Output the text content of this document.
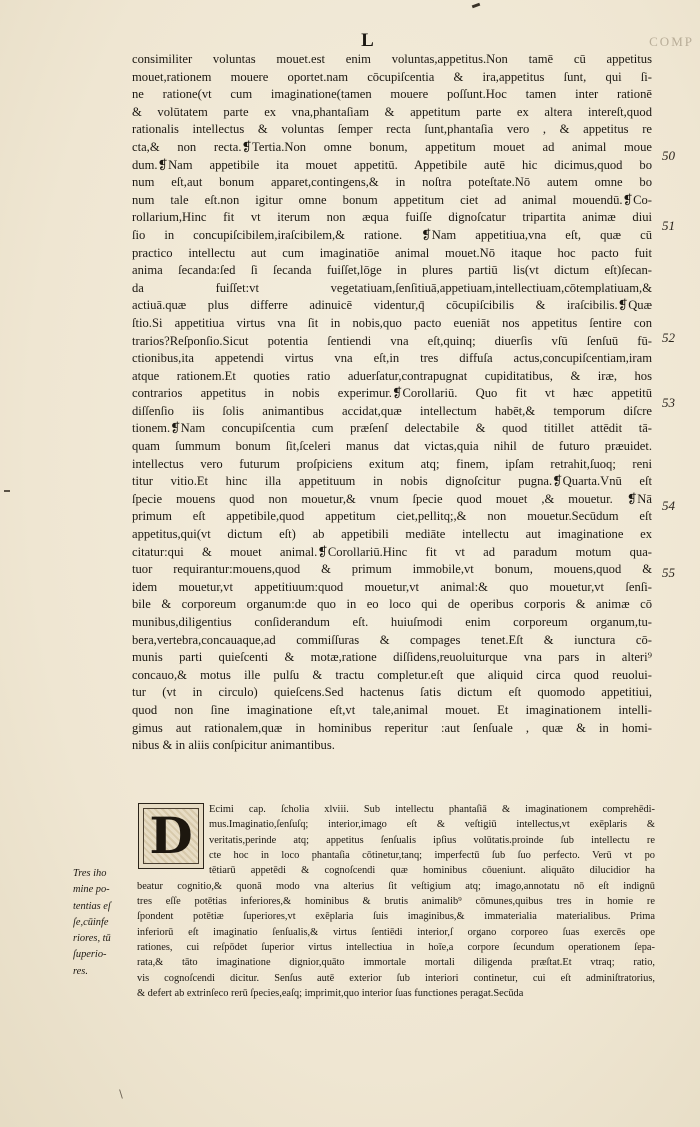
L	COMP
consimiliter voluntas mouet.est enim voluntas,appetitus.Non tamē cū appetitus
mouet,rationem mouere oportet.nam cōcupiſcentia & ira,appetitus ſunt, qui ſi-
ne ratione(vt cum imaginatione(tamen mouere poſſunt.Hoc tamen inter rationē
& volūtatem parte ex vna,phantaſiam & appetitum parte ex altera intereſt,quod
rationalis intellectus & voluntas ſemper recta ſunt,phantaſia vero , & appetitus re
cta,& non recta.❡Tertia.Non omne bonum, appetitum mouet ad animal moue
dum.❡Nam appetibile ita mouet appetitū. Appetibile autē hic dicimus,quod bo
num eſt,aut bonum apparet,contingens,& in noſtra poteſtate.Nō autem omne bo
num tale eſt.non igitur omne bonum appetitum ciet ad animal mouendū.❡Co-
rollarium,Hinc fit vt iterum non æqua fuiſſe dignoſcatur tripartita animæ diui
ſio in concupiſcibilem,iraſcibilem,& ratione. ❡Nam appetitiua,vna eſt, quæ cū
practico intellectu aut cum imaginatiōe animal mouet.Nō itaque hoc pacto fuit
anima ſecanda:ſed ſi ſecanda fuiſſet,lōge in plures partiū lis(vt dictum eſt)ſecan-
da fuiſſet:vt vegetatiuam,ſenſitiuā,appetiuam,intellectiuam,cōtemplatiuam,&
actiuā.quæ plus differre adinuicē videntur,q̄ cōcupiſcibilis & iraſcibilis.❡Quæ
ſtio.Si appetitiua virtus vna ſit in nobis,quo pacto eueniāt nos appetitus ſentire con
trarios?Reſponſio.Sicut potentia ſentiendi vna eſt,quinq; diuerſis vſū ſenſuū fū-
ctionibus,ita appetendi virtus vna eſt,in tres diffuſa actus,concupiſcentiam,iram
atque rationem.Et quoties ratio aduerſatur,contrapugnat cupiditatibus, & iræ, hos
contrarios appetitus in nobis experimur.❡Corollariū. Quo fit vt hæc appetitū
diſſenſio iis ſolis animantibus accidat,quæ intellectum habēt,& temporum diſcre
tionem.❡Nam concupiſcentia cum præſenſ delectabile & quod titillet attēdit tā-
quam ſummum bonum ſit,ſceleri manus dat victas,quia nihil de futuro præuidet.
intellectus vero futurum proſpiciens exitum atq; finem, ipſam retrahit,ſuoq; reni
titur vitio.Et hinc illa appetituum in nobis dignoſcitur pugna.❡Quarta.Vnū eſt
ſpecie mouens quod non mouetur,& vnum ſpecie quod mouet ,& mouetur. ❡Nā
primum eſt appetibile,quod appetitum ciet,pellitq;,& non mouetur.Secūdum eſt
appetitus,qui(vt dictum eſt) ab appetibili mediāte intellectu aut imaginatione ex
citatur:qui & mouet animal.❡Corollariū.Hinc fit vt ad paradum motum qua-
tuor requirantur:mouens,quod & primum immobile,vt bonum, mouens,quod &
idem mouetur,vt appetitiuum:quod mouetur,vt animal:& quo mouetur,vt ſenſi-
bile & corporeum organum:de quo in eo loco qui de operibus corporis & animæ cō
munibus,diligentius conſiderandum eſt. huiuſmodi enim corporeum organum,tu-
bera,vertebra,concauaque,ad commiſſuras & compages tenet.Eſt & iunctura cō-
munis parti quieſcenti & motæ,ratione diſſidens,reuoluiturque vna pars in alteri⁹
concauo,& motus ille pulſu & tractu completur.eſt que aliquid circa quod reuolui-
tur (vt in circulo) quieſcens.Sed hactenus ſatis dictum eſt quomodo appetitiui,
quod non ſine imaginatione eſt,vt tale,animal mouet. Et imaginationem intelli-
gimus aut rationalem,quæ in hominibus reperitur :aut ſenſuale , quæ & in homi-
nibus & in aliis conſpicitur animantibus.
50
51
52
53
54
55
D	Ecimi cap. ſcholia xlviii. Sub intellectu phantaſiā & imaginationem comprehēdi-
mus.Imaginatio,ſenſuſq; interior,imago eſt & veſtigiū intellectus,vt exēplaris &
veritatis,perinde atq; appetitus ſenſualis ipſius volūtatis.proinde ſub intellectu re
cte hoc in loco phantaſia cōtinetur,tanq; imperfectū ſub ſuo perfecto. Verū vt po
tētiarū appetēdi & cognoſcendi quæ hominibus cōueniunt. aliquāto dilucidior ha
beatur cognitio,& quonā modo vna alterius ſit veſtigium atq; imago,annotatu nō eſt indignū
tres eſſe potētias inferiores,& hominibus & brutis animalib⁹ cōmunes,quibus tres in homie re
ſpondent potētiæ ſuperiores,vt exēplaria ſuis imaginibus,& immaterialia materialibus. Prima
inferiorū eſt imaginatio ſenſualis,& virtus ſentiēdi interior,ſ organo corporeo ſuas exercēs ope
rationes, cui reſpōdet ſuperior virtus intellectiua in hoīe,a corpore ſecundum operationem ſepa-
rata,& tāto imaginatione dignior,quāto immortale mortali diligenda præſtat.Et vtraq; ratio,
vis cognoſcendi dicitur. Senſus autē exterior ſub interiori continetur, cui eſt adminiſtratorius,
& defert ab extrinſeco rerū ſpecies,eaſq; imprimit,quo interior ſuas functiones peragat.Secūda
Tres iho
mine po-
tentias eſ
ſe,cūinfe
riores, tū
ſuperio-
res.
∖
